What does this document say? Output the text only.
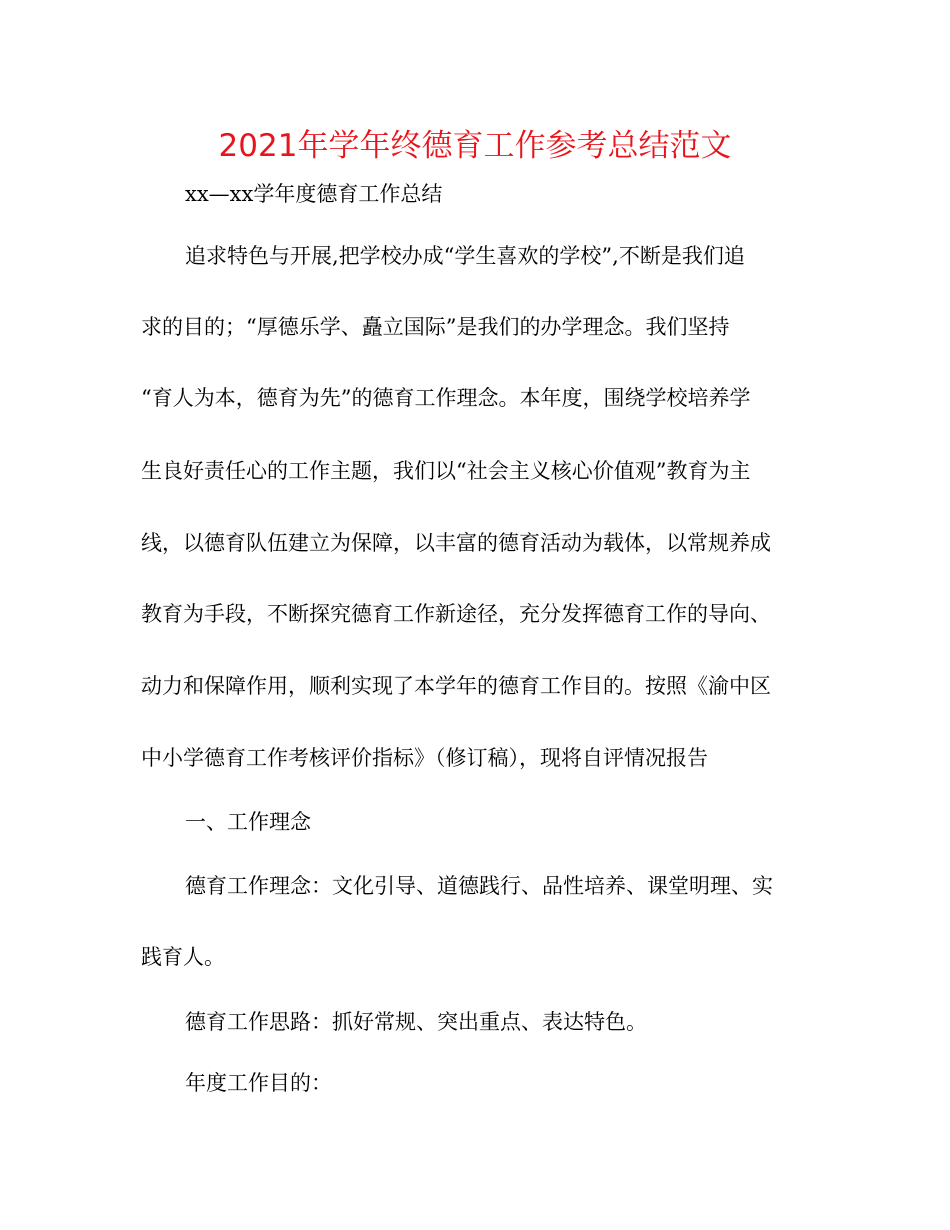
2021年学年终德育工作参考总结范文
xx—xx学年度德育工作总结
追求特色与开展,把学校办成“学生喜欢的学校”,不断是我们追
求的目的；“厚德乐学、矗立国际”是我们的办学理念。我们坚持
“育人为本，德育为先”的德育工作理念。本年度，围绕学校培养学
生良好责任心的工作主题，我们以“社会主义核心价值观”教育为主
线，以德育队伍建立为保障，以丰富的德育活动为载体，以常规养成
教育为手段，不断探究德育工作新途径，充分发挥德育工作的导向、
动力和保障作用，顺利实现了本学年的德育工作目的。按照《渝中区
中小学德育工作考核评价指标》（修订稿），现将自评情况报告
一、工作理念
德育工作理念：文化引导、道德践行、品性培养、课堂明理、实
践育人。
德育工作思路：抓好常规、突出重点、表达特色。
年度工作目的：
